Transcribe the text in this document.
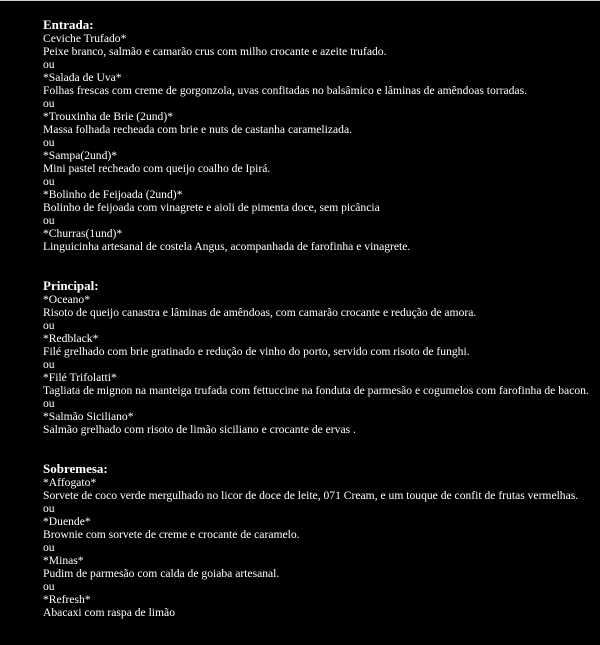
Entrada:
Ceviche Trufado*
Peixe branco, salmão e camarão crus com milho crocante e azeite trufado.
ou
*Salada de Uva*
Folhas frescas com creme de gorgonzola, uvas confitadas no balsâmico e lâminas de amêndoas torradas.
ou
*Trouxinha de Brie (2und)*
Massa folhada recheada com brie e nuts de castanha caramelizada.
ou
*Sampa(2und)*
Mini pastel recheado com queijo coalho de Ipirá.
ou
*Bolinho de Feijoada (2und)*
Bolinho de feijoada com vinagrete e aioli de pimenta doce, sem picância
ou
*Churras(1und)*
Linguicinha artesanal de costela Angus, acompanhada de farofinha e vinagrete.
Principal:
*Oceano*
Risoto de queijo canastra e lâminas de amêndoas, com camarão crocante e redução de amora.
ou
*Redblack*
Filé grelhado com brie gratinado e redução de vinho do porto, servido com risoto de funghi.
ou
*Filé Trifolatti*
Tagliata de mignon na manteiga trufada com fettuccine na fonduta de parmesão e cogumelos com farofinha de bacon.
ou
*Salmão Siciliano*
Salmão grelhado com risoto de limão siciliano e crocante de ervas .
Sobremesa:
*Affogato*
Sorvete de coco verde mergulhado no licor de doce de leite, 071 Cream, e um touque de confit de frutas vermelhas.
ou
*Duende*
Brownie com sorvete de creme e crocante de caramelo.
ou
*Minas*
Pudim de parmesão com calda de goiaba artesanal.
ou
*Refresh*
Abacaxi com raspa de limão
